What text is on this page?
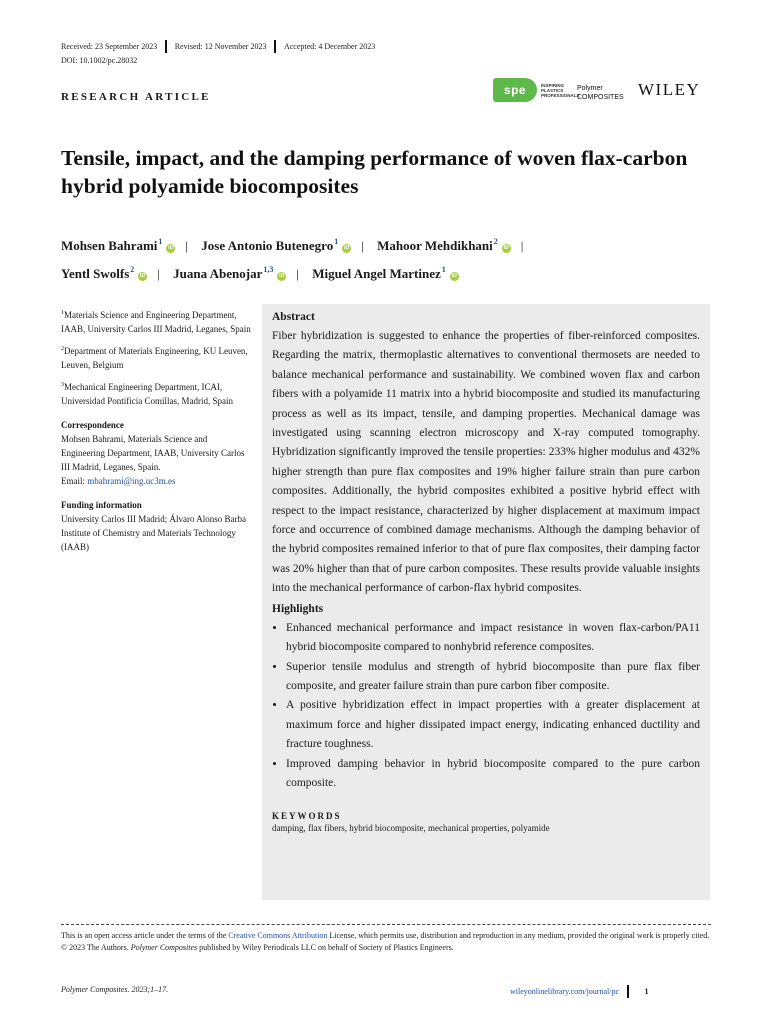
Received: 23 September 2023 Revised: 12 November 2023 Accepted: 4 December 2023
DOI: 10.1002/pc.28032
RESEARCH ARTICLE	spe	INSPIRING
PLASTICS
PROFESSIONALS
Polymer
COMPOSITES WILEY
Tensile, impact, and the damping performance of woven flax-carbon hybrid polyamide biocomposites
Mohsen Bahrami$^1$iD | Jose Antonio Butenegro$^1$iD | Mahoor Mehdikhani$^2$iD |
Yentl Swolfs$^2$iD | Juana Abenojar$^{1,3}$iD | Miguel Angel Martinez$^1$iD

$^1$Materials Science and Engineering Department, IAAB, University Carlos III Madrid, Leganes, Spain

$^2$Department of Materials Engineering, KU Leuven, Leuven, Belgium

$^3$Mechanical Engineering Department, ICAI, Universidad Pontificia Comillas, Madrid, Spain

Correspondence

Mohsen Bahrami, Materials Science and Engineering Department, IAAB, University Carlos III Madrid, Leganes, Spain.
Email: mbahrami@ing.uc3m.es

Funding information

University Carlos III Madrid; Álvaro Alonso Barba Institute of Chemistry and Materials Technology (IAAB)

Abstract

Fiber hybridization is suggested to enhance the properties of fiber-reinforced composites. Regarding the matrix, thermoplastic alternatives to conventional thermosets are needed to balance mechanical performance and sustainability. We combined woven flax and carbon fibers with a polyamide 11 matrix into a hybrid biocomposite and studied its manufacturing process as well as its impact, tensile, and damping properties. Mechanical damage was investigated using scanning electron microscopy and X-ray computed tomography. Hybridization significantly improved the tensile properties: 233% higher modulus and 432% higher strength than pure flax composites and 19% higher failure strain than pure carbon composites. Additionally, the hybrid composites exhibited a positive hybrid effect with respect to the impact resistance, characterized by higher displacement at maximum impact force and occurrence of combined damage mechanisms. Although the damping behavior of the hybrid composites remained inferior to that of pure flax composites, their damping factor was 20% higher than that of pure carbon composites. These results provide valuable insights into the mechanical performance of carbon-flax hybrid composites.

Highlights

• Enhanced mechanical performance and impact resistance in woven flax-carbon/PA11 hybrid biocomposite compared to nonhybrid reference composites.
• Superior tensile modulus and strength of hybrid biocomposite than pure flax fiber composite, and greater failure strain than pure carbon fiber composite.
• A positive hybridization effect in impact properties with a greater displacement at maximum force and higher dissipated impact energy, indicating enhanced ductility and fracture toughness.
• Improved damping behavior in hybrid biocomposite compared to the pure carbon composite.

KEYWORDS

damping, flax fibers, hybrid biocomposite, mechanical properties, polyamide

This is an open access article under the terms of the Creative Commons Attribution License, which permits use, distribution and reproduction in any medium, provided the original work is properly cited.
© 2023 The Authors. Polymer Composites published by Wiley Periodicals LLC on behalf of Society of Plastics Engineers.
Polymer Composites. 2023;1–17.	wileyonlinelibrary.com/journal/pc	1
